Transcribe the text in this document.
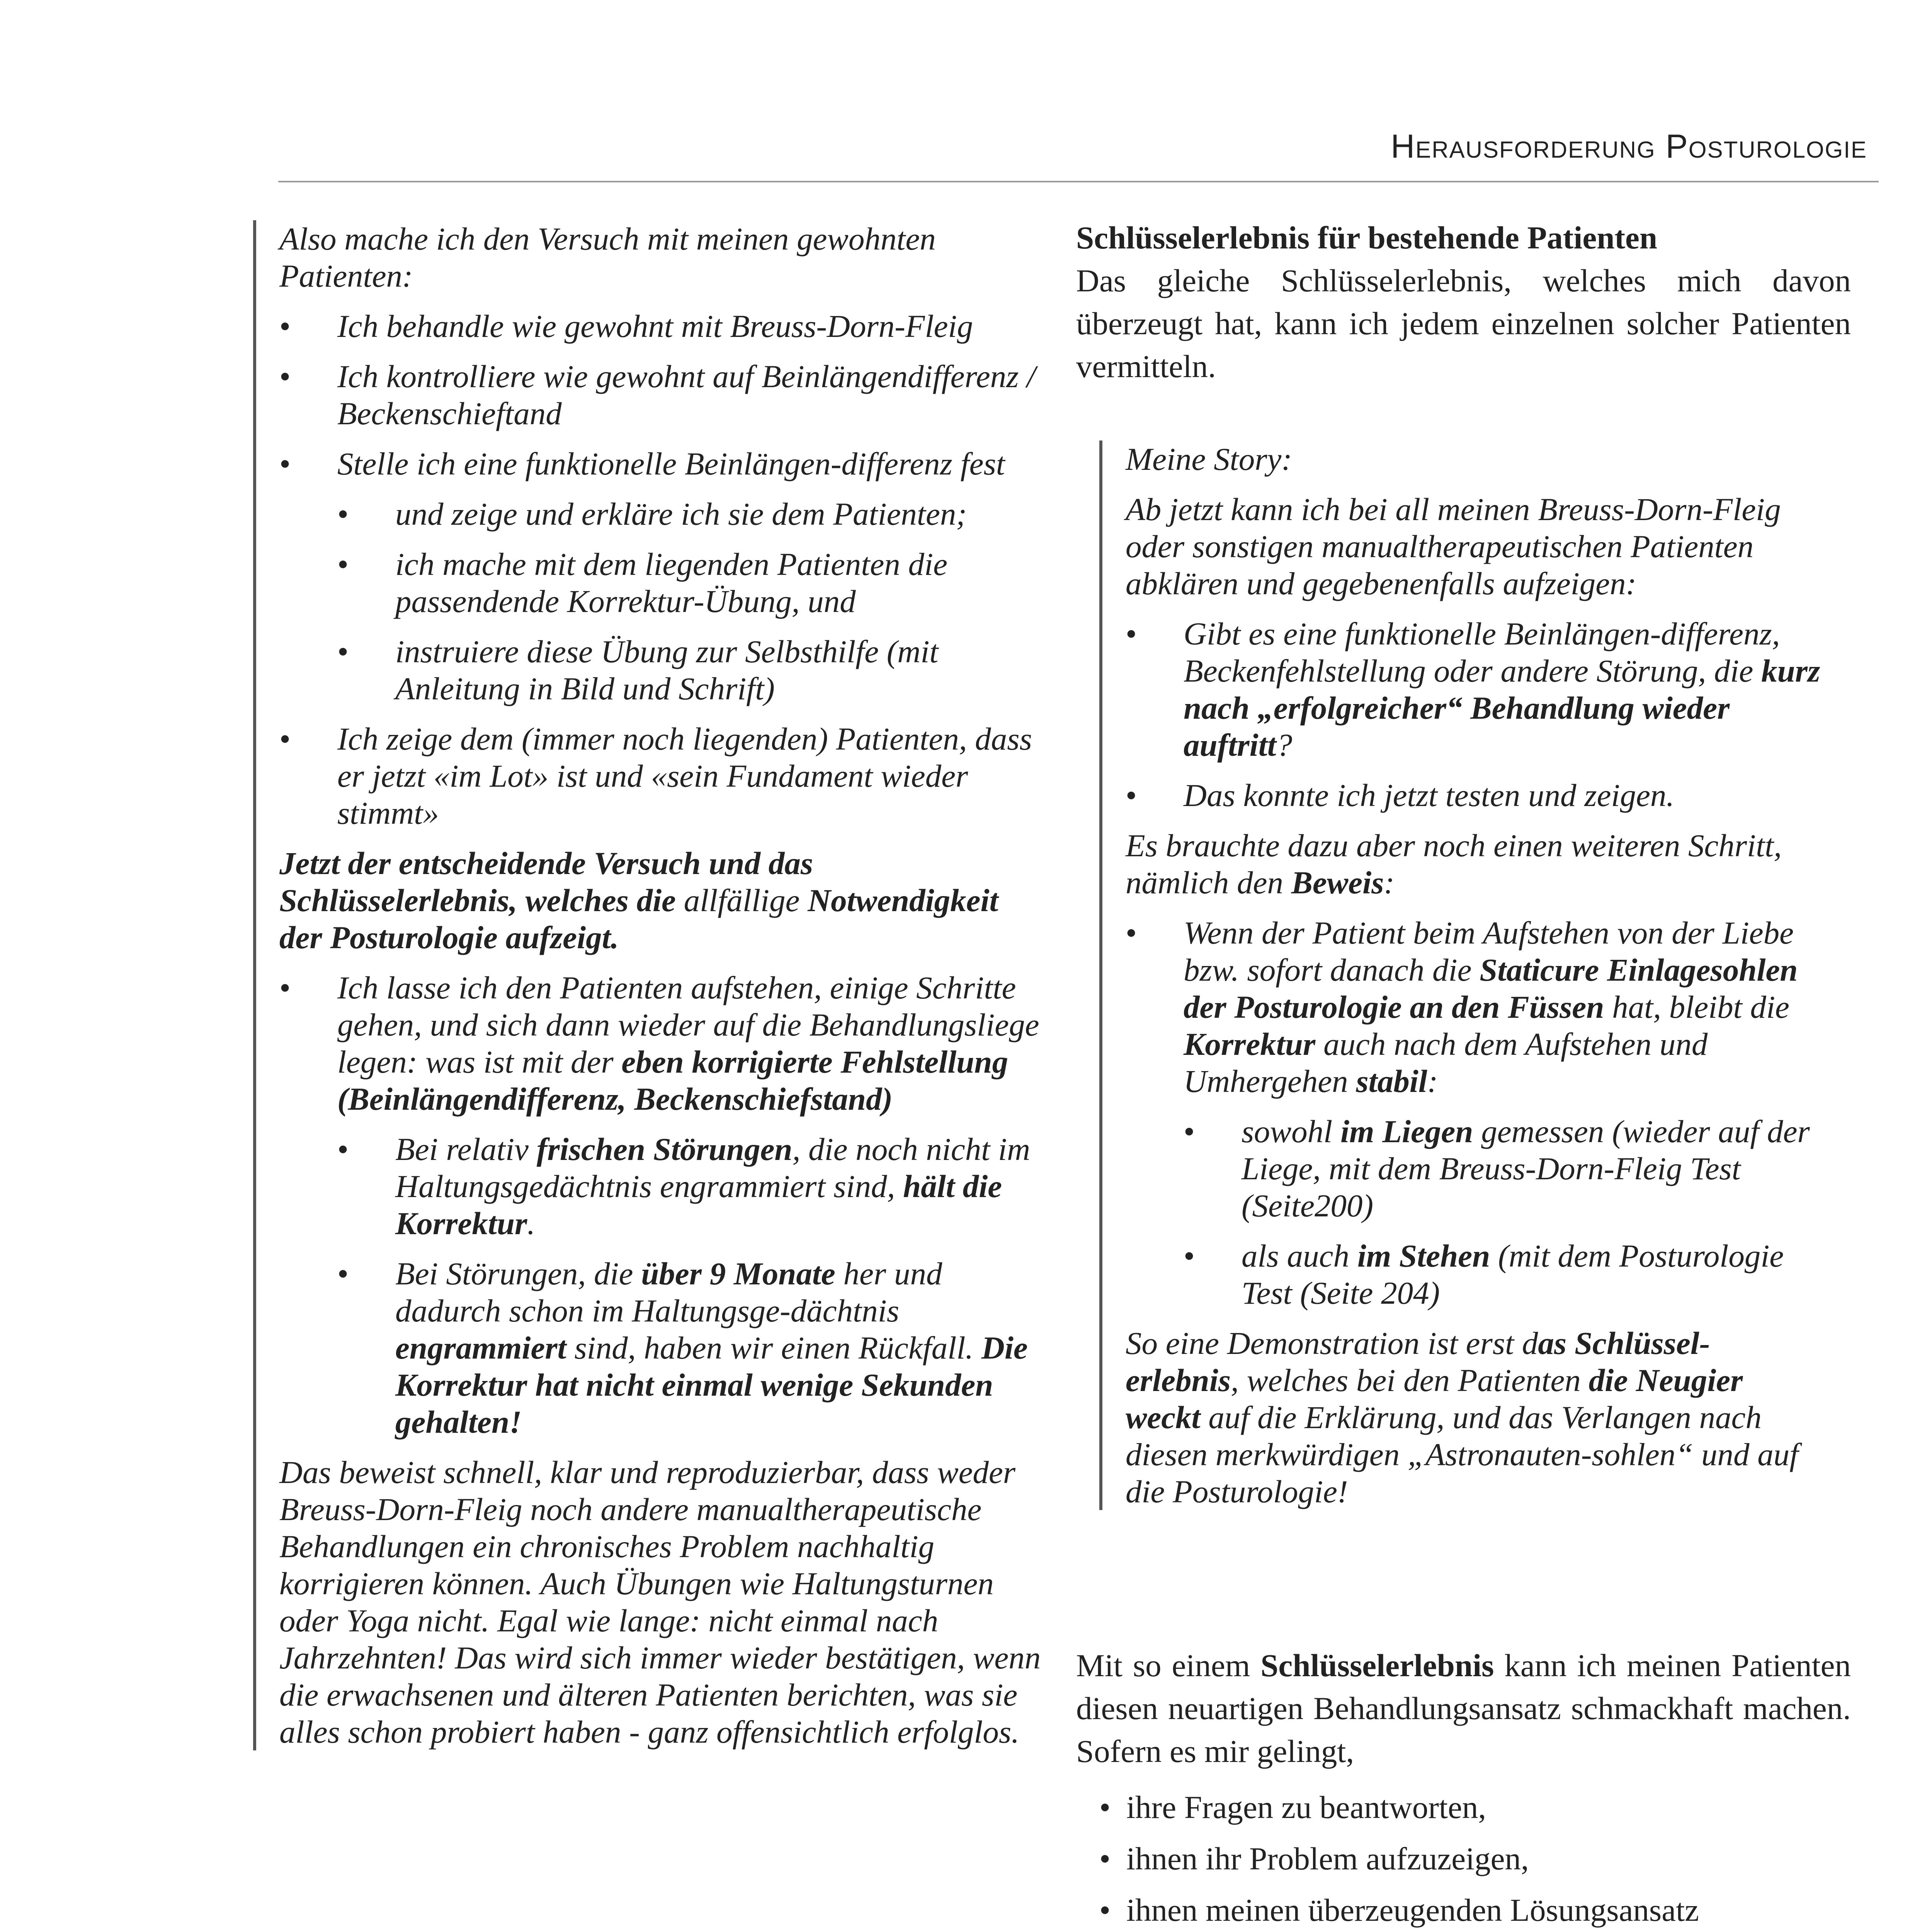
Herausforderung Posturologie

Also mache ich den Versuch mit meinen gewohnten Patienten:

• Ich behandle wie gewohnt mit Breuss-Dorn-Fleig
• Ich kontrolliere wie gewohnt auf Beinlängendifferenz / Beckenschieftand
• Stelle ich eine funktionelle Beinlängen-differenz fest
• und zeige und erkläre ich sie dem Patienten;
• ich mache mit dem liegenden Patienten die passendende Korrektur-Übung, und
• instruiere diese Übung zur Selbsthilfe (mit Anleitung in Bild und Schrift)
• Ich zeige dem (immer noch liegenden) Patienten, dass er jetzt «im Lot» ist und «sein Fundament wieder stimmt»

Jetzt der entscheidende Versuch und das Schlüsselerlebnis, welches die allfällige Notwendigkeit der Posturologie aufzeigt.

• Ich lasse ich den Patienten aufstehen, einige Schritte gehen, und sich dann wieder auf die Behandlungsliege legen: was ist mit der eben korrigierte Fehlstellung (Beinlängendifferenz, Beckenschiefstand)
• Bei relativ frischen Störungen, die noch nicht im Haltungsgedächtnis engrammiert sind, hält die Korrektur.
• Bei Störungen, die über 9 Monate her und dadurch schon im Haltungsge-dächtnis engrammiert sind, haben wir einen Rückfall. Die Korrektur hat nicht einmal wenige Sekunden gehalten!

Das beweist schnell, klar und reproduzierbar, dass weder Breuss-Dorn-Fleig noch andere manualtherapeutische Behandlungen ein chronisches Problem nachhaltig korrigieren können. Auch Übungen wie Haltungsturnen oder Yoga nicht. Egal wie lange: nicht einmal nach Jahrzehnten! Das wird sich immer wieder bestätigen, wenn die erwachsenen und älteren Patienten berichten, was sie alles schon probiert haben - ganz offensichtlich erfolglos.

Schlüsselerlebnis für bestehende Patienten

Das gleiche Schlüsselerlebnis, welches mich davon überzeugt hat, kann ich jedem einzelnen solcher Patienten vermitteln.

Meine Story:

Ab jetzt kann ich bei all meinen Breuss-Dorn-Fleig oder sonstigen manualtherapeutischen Patienten abklären und gegebenenfalls aufzeigen:

• Gibt es eine funktionelle Beinlängen-differenz, Beckenfehlstellung oder andere Störung, die kurz nach „erfolgreicher“ Behandlung wieder auftritt?
• Das konnte ich jetzt testen und zeigen.

Es brauchte dazu aber noch einen weiteren Schritt, nämlich den Beweis:

• Wenn der Patient beim Aufstehen von der Liebe bzw. sofort danach die Staticure Einlagesohlen der Posturologie an den Füssen hat, bleibt die Korrektur auch nach dem Aufstehen und Umhergehen stabil:
• sowohl im Liegen gemessen (wieder auf der Liege, mit dem Breuss-Dorn-Fleig Test (Seite200)
• als auch im Stehen (mit dem Posturologie Test (Seite 204)

So eine Demonstration ist erst das Schlüssel-erlebnis, welches bei den Patienten die Neugier weckt auf die Erklärung, und das Verlangen nach diesen merkwürdigen „Astronauten-sohlen“ und auf die Posturologie!

Mit so einem Schlüsselerlebnis kann ich meinen Patienten diesen neuartigen Behandlungsansatz schmackhaft machen. Sofern es mir gelingt,

• ihre Fragen zu beantworten,
• ihnen ihr Problem aufzuzeigen,
• ihnen meinen überzeugenden Lösungsansatz
